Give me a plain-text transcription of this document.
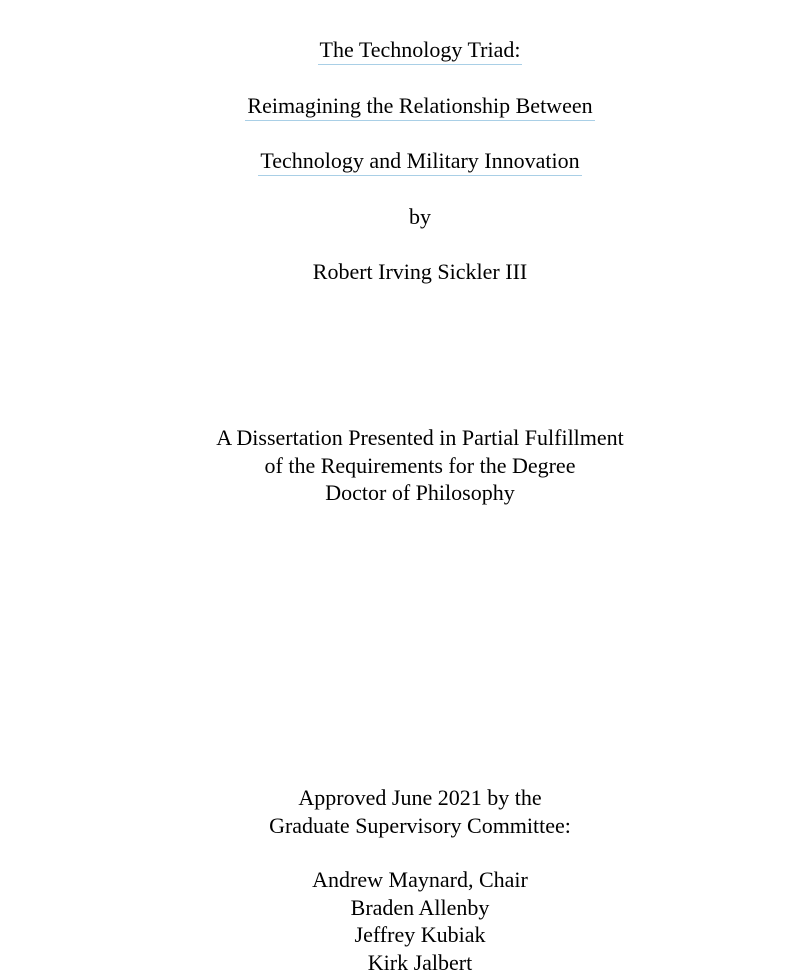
The Technology Triad:
Reimagining the Relationship Between
Technology and Military Innovation
by
Robert Irving Sickler III
A Dissertation Presented in Partial Fulfillment
of the Requirements for the Degree
Doctor of Philosophy
Approved June 2021 by the
Graduate Supervisory Committee:
Andrew Maynard, Chair
Braden Allenby
Jeffrey Kubiak
Kirk Jalbert
